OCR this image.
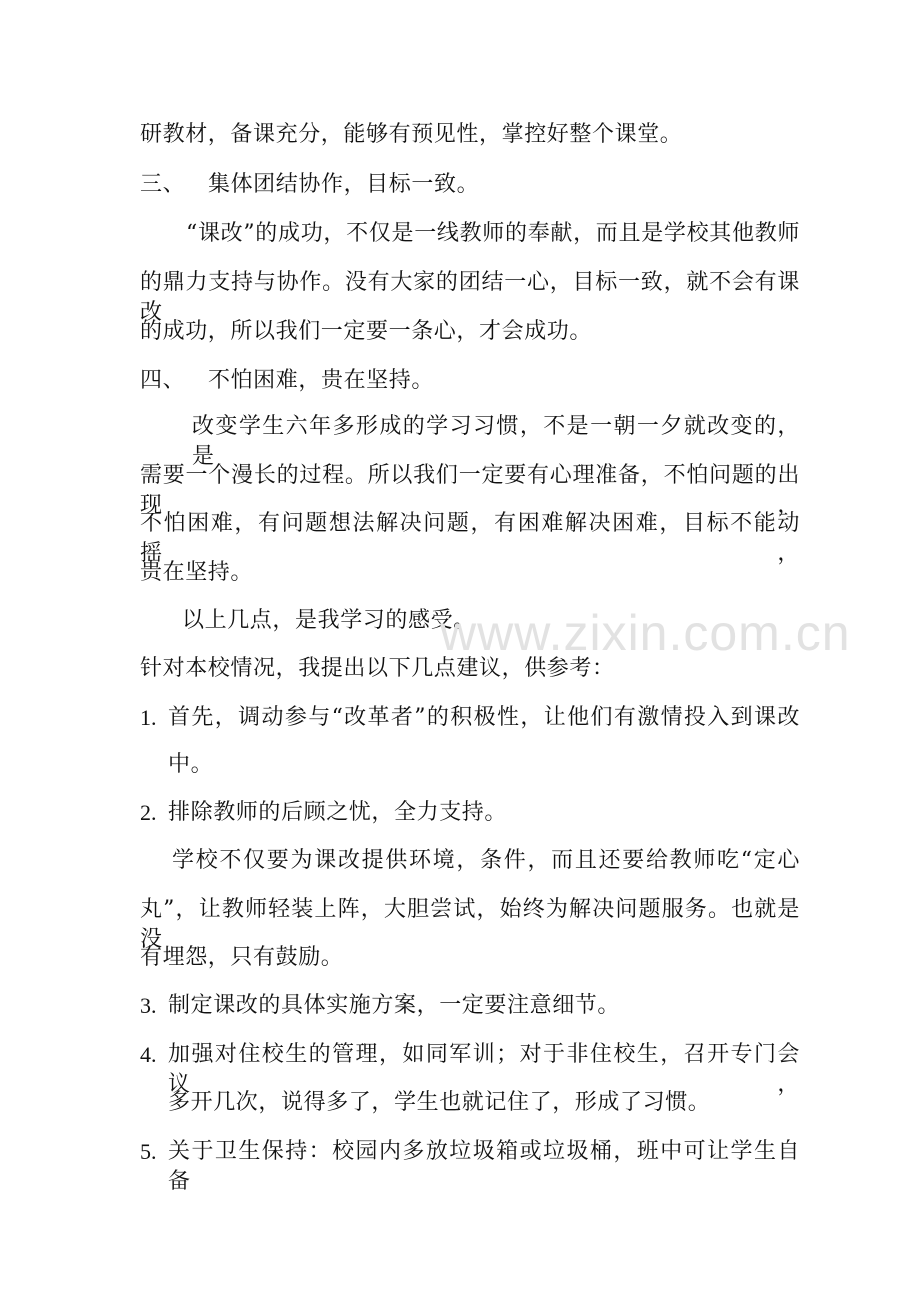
研教材，备课充分，能够有预见性，掌控好整个课堂。
三、   集体团结协作，目标一致。
“课改”的成功，不仅是一线教师的奉献，而且是学校其他教师
的鼎力支持与协作。没有大家的团结一心，目标一致，就不会有课改
的成功，所以我们一定要一条心，才会成功。
四、   不怕困难，贵在坚持。
改变学生六年多形成的学习习惯，不是一朝一夕就改变的，是
需要一个漫长的过程。所以我们一定要有心理准备，不怕问题的出现，
不怕困难，有问题想法解决问题，有困难解决困难，目标不能动摇，
贵在坚持。
以上几点，是我学习的感受。
针对本校情况，我提出以下几点建议，供参考：
1. 首先，调动参与“改革者”的积极性，让他们有激情投入到课改
中。
2. 排除教师的后顾之忧，全力支持。
学校不仅要为课改提供环境，条件，而且还要给教师吃“定心
丸”，让教师轻装上阵，大胆尝试，始终为解决问题服务。也就是没
有埋怨，只有鼓励。
3. 制定课改的具体实施方案，一定要注意细节。
4. 加强对住校生的管理，如同军训；对于非住校生，召开专门会议，
多开几次，说得多了，学生也就记住了，形成了习惯。
5. 关于卫生保持：校园内多放垃圾箱或垃圾桶，班中可让学生自备
www.zixin.com.cn
